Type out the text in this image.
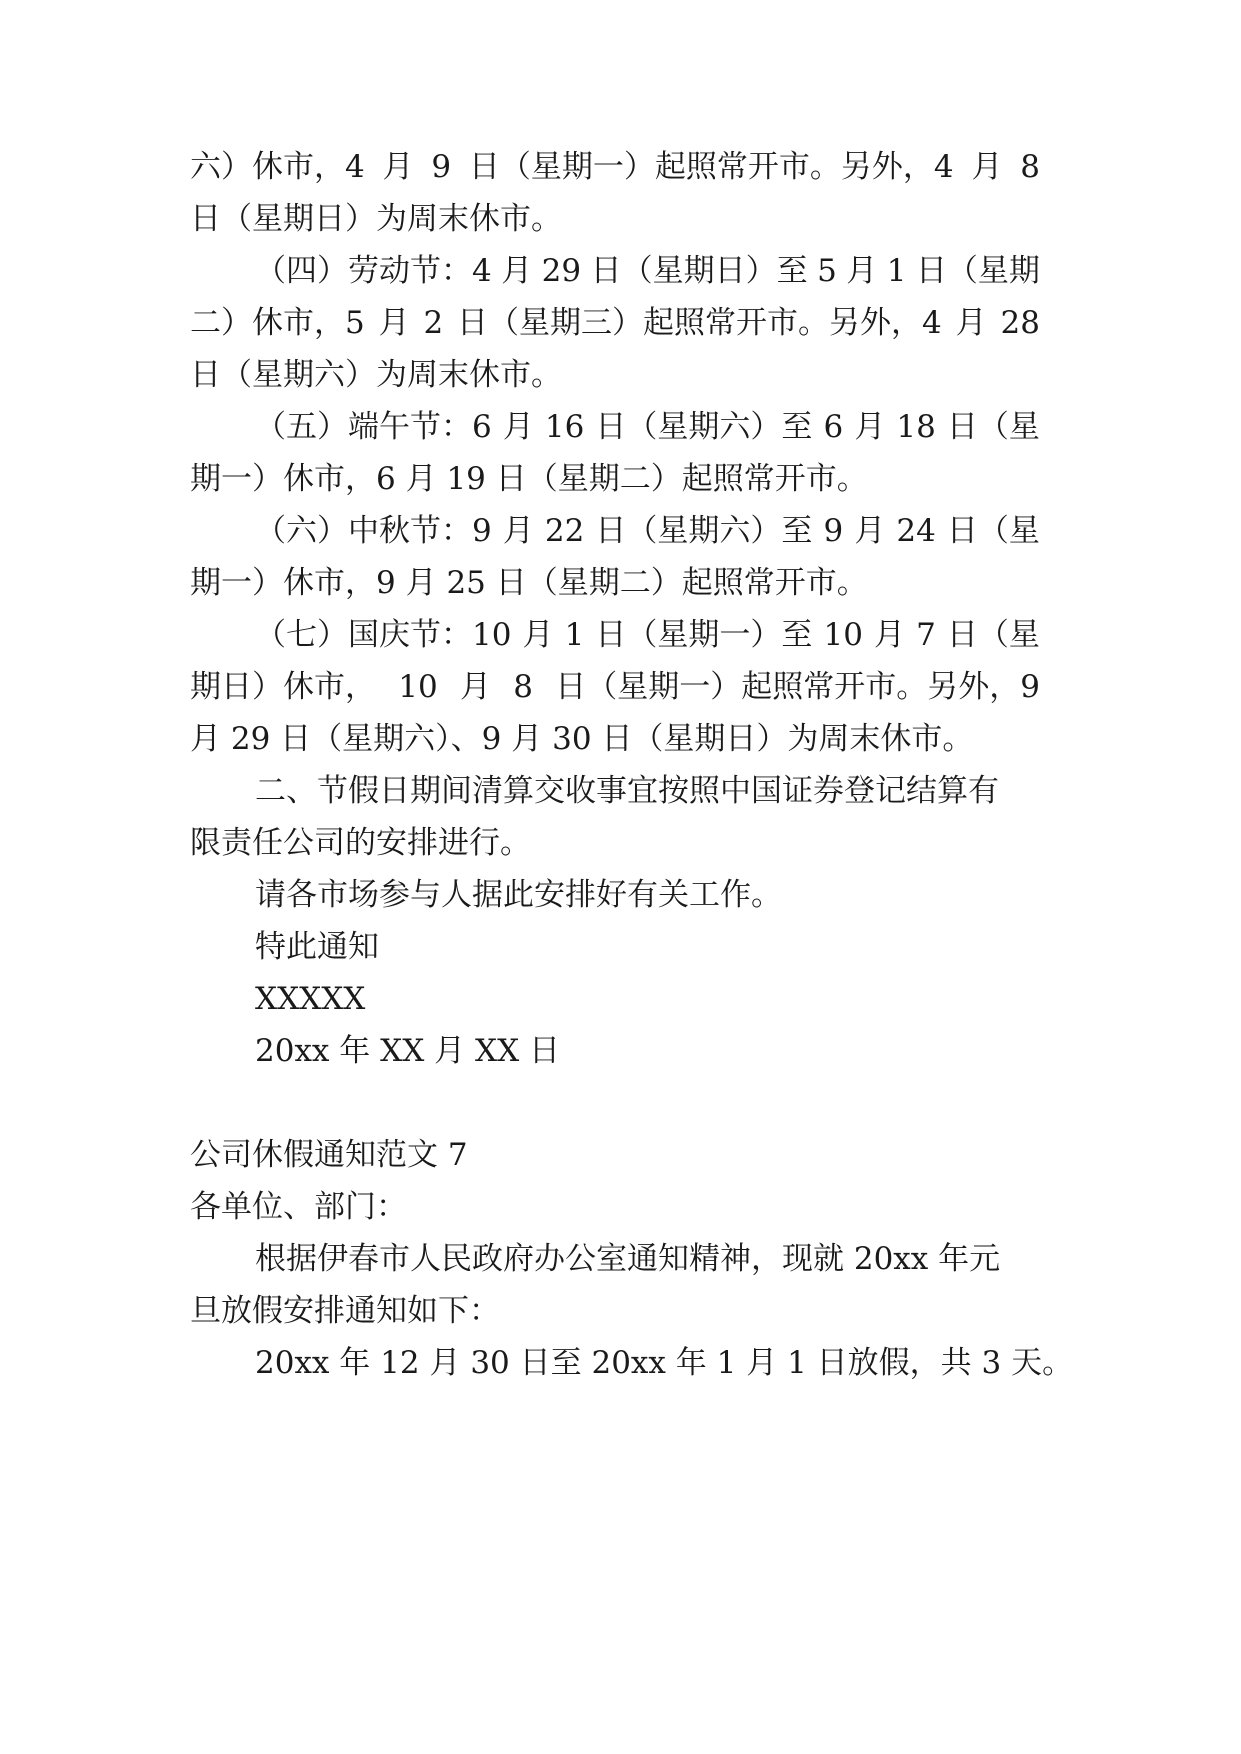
六）休市，4 月 9 日（星期一）起照常开市。另外，4 月 8
日（星期日）为周末休市。
（四）劳动节：4 月 29 日（星期日）至 5 月 1 日（星期
二）休市，5 月 2 日（星期三）起照常开市。另外，4 月 28
日（星期六）为周末休市。
（五）端午节：6 月 16 日（星期六）至 6 月 18 日（星
期一）休市，6 月 19 日（星期二）起照常开市。
（六）中秋节：9 月 22 日（星期六）至 9 月 24 日（星
期一）休市，9 月 25 日（星期二）起照常开市。
（七）国庆节：10 月 1 日（星期一）至 10 月 7 日（星
期日）休市， 10 月 8 日（星期一）起照常开市。另外，9
月 29 日（星期六）、9 月 30 日（星期日）为周末休市。
二、节假日期间清算交收事宜按照中国证券登记结算有
限责任公司的安排进行。
请各市场参与人据此安排好有关工作。
特此通知
XXXXX
20xx 年 XX 月 XX 日
公司休假通知范文 7
各单位、部门：
根据伊春市人民政府办公室通知精神，现就 20xx 年元
旦放假安排通知如下：
20xx 年 12 月 30 日至 20xx 年 1 月 1 日放假，共 3 天。
